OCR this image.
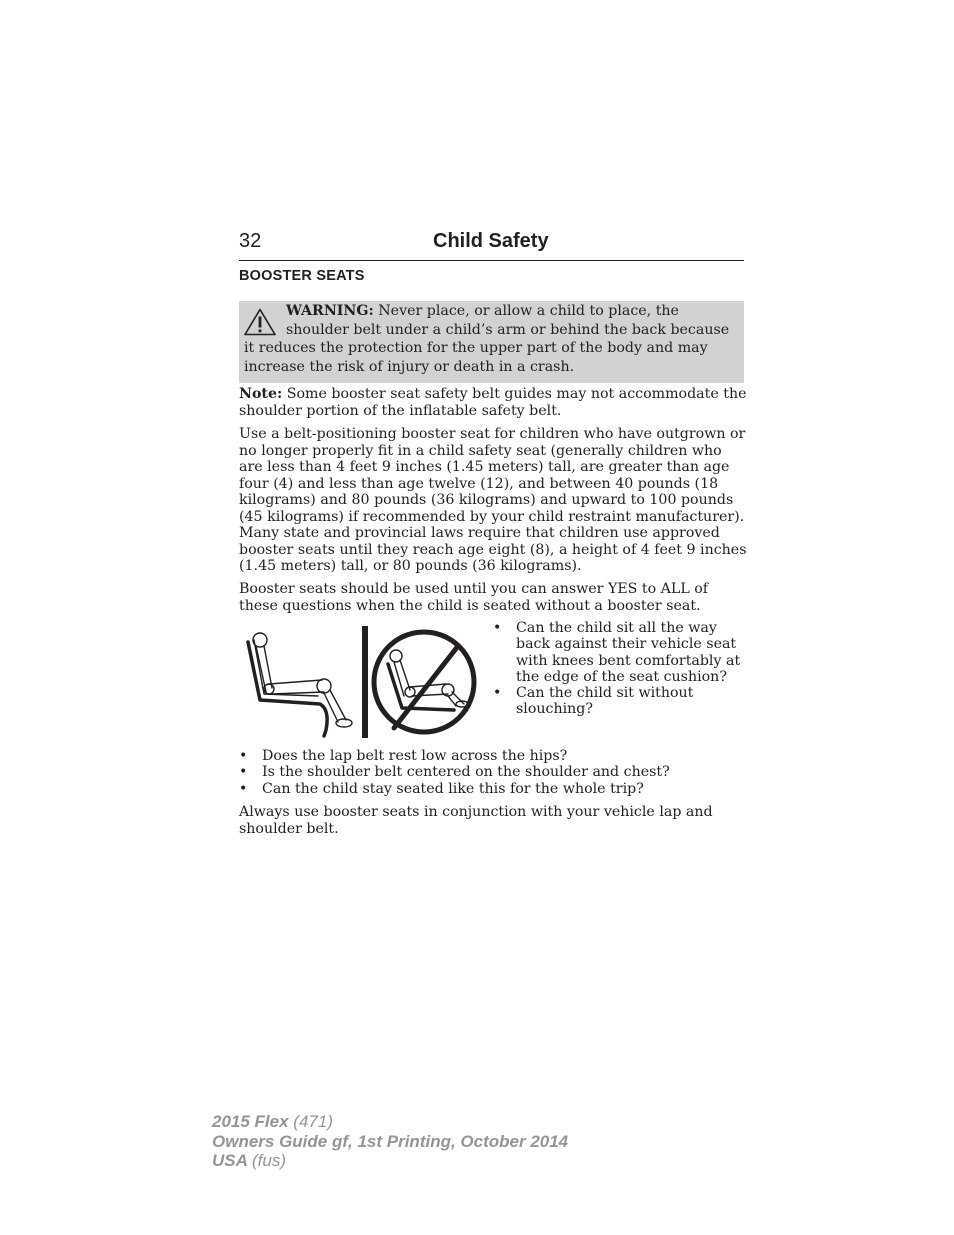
32	Child Safety
BOOSTER SEATS
WARNING: Never place, or allow a child to place, the shoulder belt under a child’s arm or behind the back because it reduces the protection for the upper part of the body and may increase the risk of injury or death in a crash.

Note: Some booster seat safety belt guides may not accommodate the shoulder portion of the inflatable safety belt.

Use a belt-positioning booster seat for children who have outgrown or no longer properly fit in a child safety seat (generally children who are less than 4 feet 9 inches (1.45 meters) tall, are greater than age four (4) and less than age twelve (12), and between 40 pounds (18 kilograms) and 80 pounds (36 kilograms) and upward to 100 pounds (45 kilograms) if recommended by your child restraint manufacturer). Many state and provincial laws require that children use approved booster seats until they reach age eight (8), a height of 4 feet 9 inches (1.45 meters) tall, or 80 pounds (36 kilograms).

Booster seats should be used until you can answer YES to ALL of these questions when the child is seated without a booster seat.

• Can the child sit all the way back against their vehicle seat with knees bent comfortably at the edge of the seat cushion?
• Can the child sit without slouching?
• Does the lap belt rest low across the hips?
• Is the shoulder belt centered on the shoulder and chest?
• Can the child stay seated like this for the whole trip?

Always use booster seats in conjunction with your vehicle lap and shoulder belt.

2015 Flex (471)
Owners Guide gf, 1st Printing, October 2014
USA (fus)
